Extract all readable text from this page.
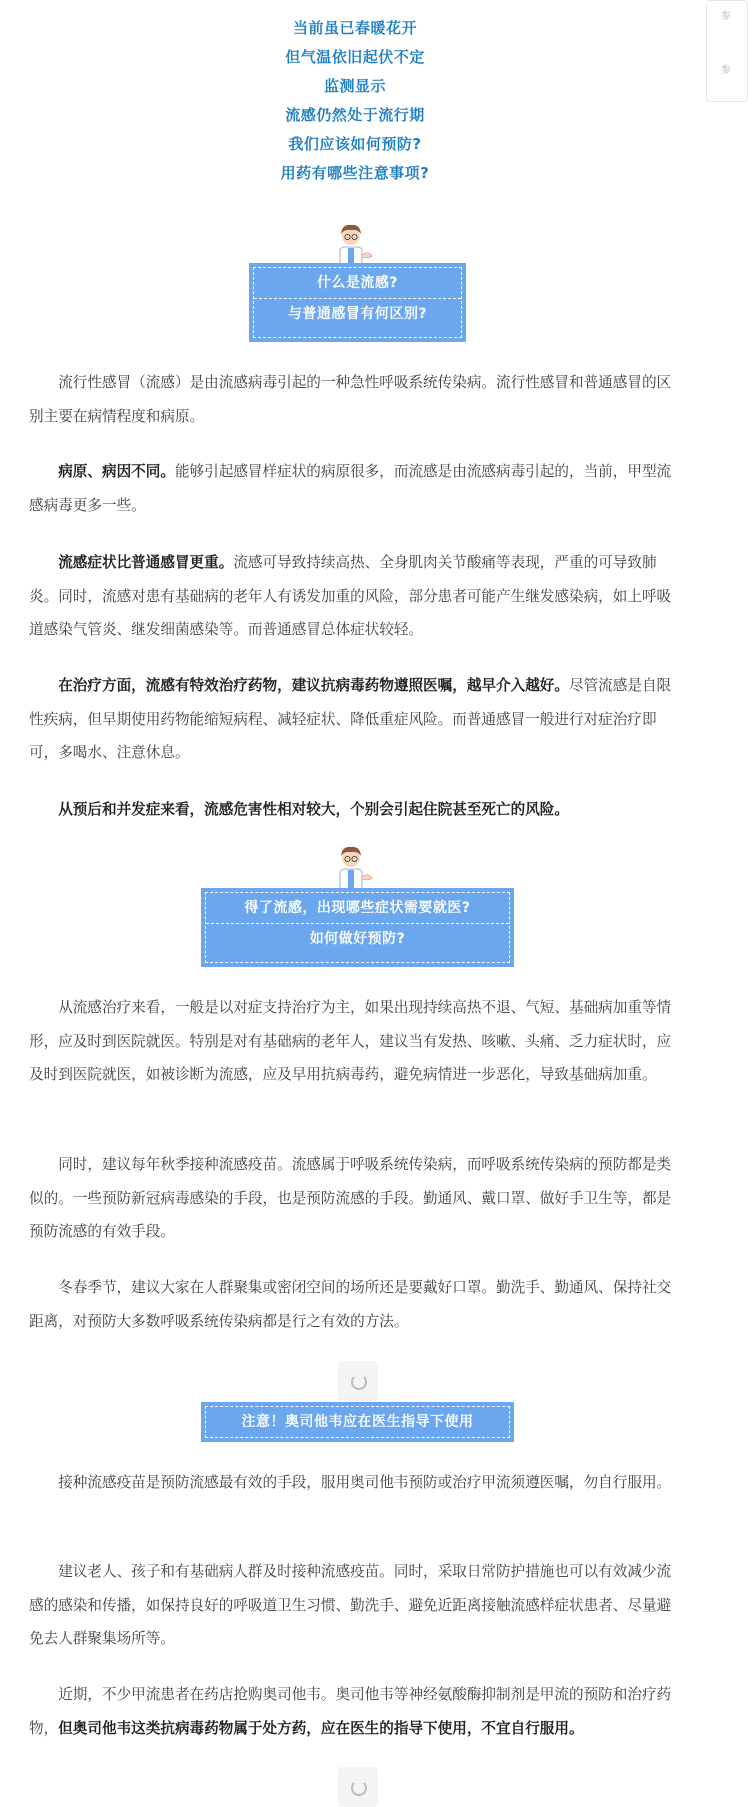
参
参
当前虽已春暖花开
但气温依旧起伏不定
监测显示
流感仍然处于流行期
我们应该如何预防?
用药有哪些注意事项?
什么是流感?
与普通感冒有何区别?

流行性感冒（流感）是由流感病毒引起的一种急性呼吸系统传染病。流行性感冒和普通感冒的区别主要在病情程度和病原。

病原、病因不同。能够引起感冒样症状的病原很多，而流感是由流感病毒引起的，当前，甲型流感病毒更多一些。

流感症状比普通感冒更重。流感可导致持续高热、全身肌肉关节酸痛等表现，严重的可导致肺炎。同时，流感对患有基础病的老年人有诱发加重的风险，部分患者可能产生继发感染病，如上呼吸道感染气管炎、继发细菌感染等。而普通感冒总体症状较轻。

在治疗方面，流感有特效治疗药物，建议抗病毒药物遵照医嘱，越早介入越好。尽管流感是自限性疾病，但早期使用药物能缩短病程、减轻症状、降低重症风险。而普通感冒一般进行对症治疗即可，多喝水、注意休息。

从预后和并发症来看，流感危害性相对较大，个别会引起住院甚至死亡的风险。

得了流感，出现哪些症状需要就医?
如何做好预防?

从流感治疗来看，一般是以对症支持治疗为主，如果出现持续高热不退、气短、基础病加重等情形，应及时到医院就医。特别是对有基础病的老年人，建议当有发热、咳嗽、头痛、乏力症状时，应及时到医院就医，如被诊断为流感，应及早用抗病毒药，避免病情进一步恶化，导致基础病加重。

同时，建议每年秋季接种流感疫苗。流感属于呼吸系统传染病，而呼吸系统传染病的预防都是类似的。一些预防新冠病毒感染的手段，也是预防流感的手段。勤通风、戴口罩、做好手卫生等，都是预防流感的有效手段。

冬春季节，建议大家在人群聚集或密闭空间的场所还是要戴好口罩。勤洗手、勤通风、保持社交距离，对预防大多数呼吸系统传染病都是行之有效的方法。

注意！奥司他韦应在医生指导下使用

接种流感疫苗是预防流感最有效的手段，服用奥司他韦预防或治疗甲流须遵医嘱，勿自行服用。

建议老人、孩子和有基础病人群及时接种流感疫苗。同时，采取日常防护措施也可以有效减少流感的感染和传播，如保持良好的呼吸道卫生习惯、勤洗手、避免近距离接触流感样症状患者、尽量避免去人群聚集场所等。

近期，不少甲流患者在药店抢购奥司他韦。奥司他韦等神经氨酸酶抑制剂是甲流的预防和治疗药物，但奥司他韦这类抗病毒药物属于处方药，应在医生的指导下使用，不宜自行服用。
